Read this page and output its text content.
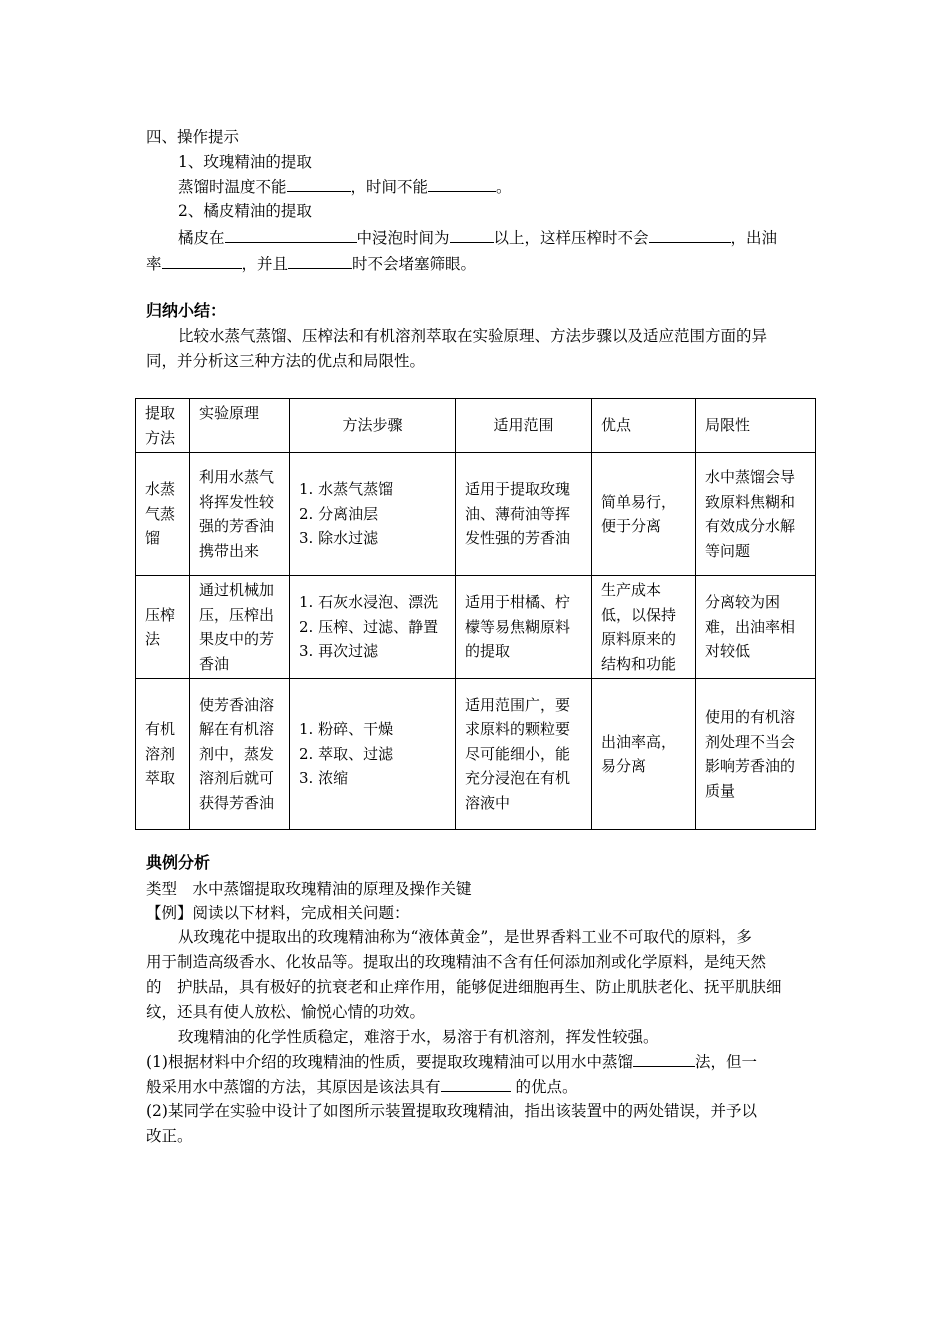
四、操作提示
1、玫瑰精油的提取
蒸馏时温度不能	，时间不能	。
2、橘皮精油的提取
橘皮在	中浸泡时间为	以上，这样压榨时不会	，出油
率	，并且	时不会堵塞筛眼。
归纳小结：
比较水蒸气蒸馏、压榨法和有机溶剂萃取在实验原理、方法步骤以及适应范围方面的异
同，并分析这三种方法的优点和局限性。
提取方法	实验原理	方法步骤	适用范围	优点	局限性
水蒸气蒸馏	利用水蒸气将挥发性较强的芳香油携带出来	1. 水蒸气蒸馏
2. 分离油层
3. 除水过滤	适用于提取玫瑰油、薄荷油等挥发性强的芳香油	简单易行，便于分离	水中蒸馏会导致原料焦糊和有效成分水解等问题
压榨法	通过机械加压，压榨出果皮中的芳香油	1. 石灰水浸泡、漂洗
2. 压榨、过滤、静置
3. 再次过滤	适用于柑橘、柠檬等易焦糊原料的提取	生产成本低，以保持原料原来的结构和功能	分离较为困难，出油率相对较低
有机溶剂萃取	使芳香油溶解在有机溶剂中，蒸发溶剂后就可获得芳香油	1. 粉碎、干燥
2. 萃取、过滤
3. 浓缩	适用范围广，要求原料的颗粒要尽可能细小，能充分浸泡在有机溶液中	出油率高，易分离	使用的有机溶剂处理不当会影响芳香油的质量
典例分析
类型　水中蒸馏提取玫瑰精油的原理及操作关键
【例】阅读以下材料，完成相关问题：
从玫瑰花中提取出的玫瑰精油称为“液体黄金”，是世界香料工业不可取代的原料，多
用于制造高级香水、化妆品等。提取出的玫瑰精油不含有任何添加剂或化学原料，是纯天然
的　护肤品，具有极好的抗衰老和止痒作用，能够促进细胞再生、防止肌肤老化、抚平肌肤细
纹，还具有使人放松、愉悦心情的功效。
玫瑰精油的化学性质稳定，难溶于水，易溶于有机溶剂，挥发性较强。
(1)根据材料中介绍的玫瑰精油的性质，要提取玫瑰精油可以用水中蒸馏	法，但一
般采用水中蒸馏的方法，其原因是该法具有	的优点。
(2)某同学在实验中设计了如图所示装置提取玫瑰精油，指出该装置中的两处错误，并予以
改正。
